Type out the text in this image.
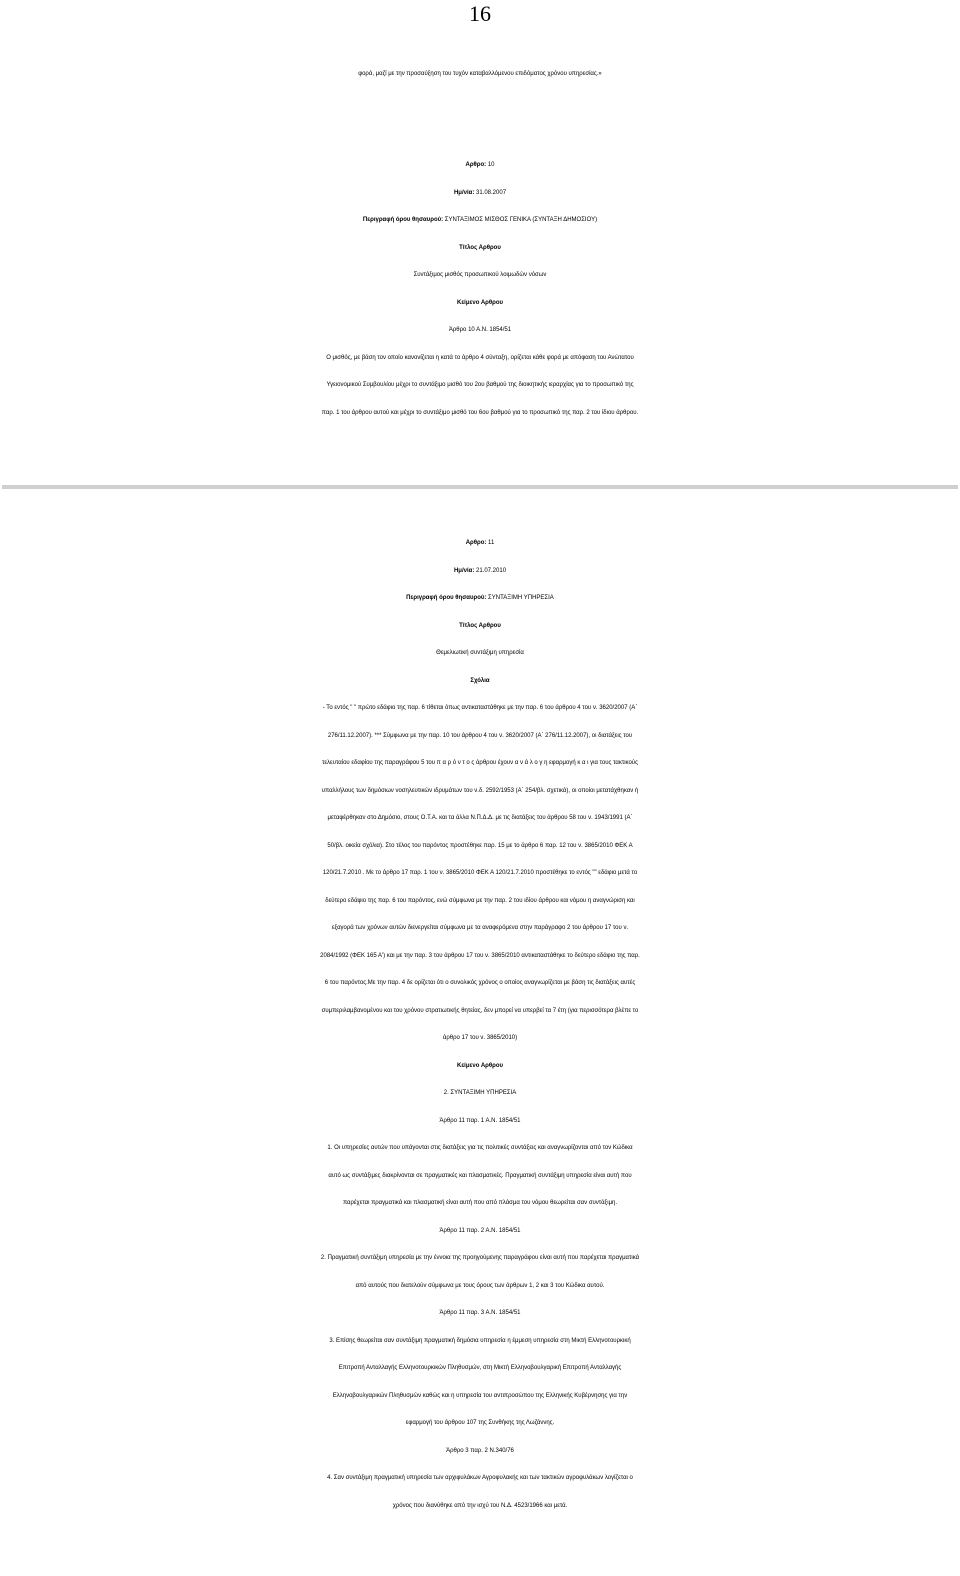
16
φορά, μαζί με την προσαύξηση του τυχόν καταβαλλόμενου επιδόματος χρόνου υπηρεσίας.»
Αρθρο: 10
Ημ/νία: 31.08.2007
Περιγραφή όρου θησαυρού: ΣΥΝΤΑΞΙΜΟΣ ΜΙΣΘΟΣ ΓΕΝΙΚΑ (ΣΥΝΤΑΞΗ ΔΗΜΟΣΙΟΥ)
Τίτλος Αρθρου
Συντάξιμος μισθός προσωπικού λοιμωδών νόσων
Κείμενο Αρθρου
Άρθρο 10 Α.Ν. 1854/51
Ο μισθός, με βάση τον οποίο κανονίζεται η κατά το άρθρο 4 σύνταξη, ορίζεται κάθε φορά με απόφαση του Ανώτατου
Υγειονομικού Συμβουλίου μέχρι το συντάξιμο μισθό του 2ου βαθμού της διοικητικής ιεραρχίας για το προσωπικό της
παρ. 1 του άρθρου αυτού και μέχρι το συντάξιμο μισθό του 6ου βαθμού για το προσωπικό της παρ. 2 του ίδιου άρθρου.
Αρθρο: 11
Ημ/νία: 21.07.2010
Περιγραφή όρου θησαυρού: ΣΥΝΤΑΞΙΜΗ ΥΠΗΡΕΣΙΑ
Τίτλος Αρθρου
Θεμελιωτική συντάξιμη υπηρεσία
Σχόλια
- Το εντός " " πρώτο εδάφιο της παρ. 6 τίθεται όπως αντικαταστάθηκε με την παρ. 6 του άρθρου 4 του ν. 3620/2007 (Α΄
276/11.12.2007). *** Σύμφωνα με την παρ. 10 του άρθρου 4 του ν. 3620/2007 (Α΄ 276/11.12.2007), οι διατάξεις του
τελευταίου εδαφίου της παραγράφου 5 του π α ρ ό ν τ ο ς άρθρου έχουν α ν ά λ ο γ η εφαρμογή κ α ι για τους τακτικούς
υπαλλήλους των δημόσιων νοσηλευτικών ιδρυμάτων του ν.δ. 2592/1953 (Α΄ 254/βλ. σχετικά), οι οποίοι μετατάχθηκαν ή
μεταφέρθηκαν στο Δημόσιο, στους Ο.Τ.Α. και τα άλλα Ν.Π.Δ.Δ. με τις διατάξεις του άρθρου 58 του ν. 1943/1991 (Α΄
50/βλ. οικεία σχόλια). Στο τέλος του παρόντος προστέθηκε παρ. 15 με το άρθρο 6 παρ. 12 του ν. 3865/2010 ΦΕΚ Α
120/21.7.2010 . Με το άρθρο 17 παρ. 1 του ν. 3865/2010 ΦΕΚ Α 120/21.7.2010 προστέθηκε το εντός "" εδάφιο μετά το
δεύτερο εδάφιο της παρ. 6 του παρόντος, ενώ σύμφωνα με την παρ. 2 του ιδίου άρθρου και νόμου η αναγνώριση και
εξαγορά των χρόνων αυτών διενεργείται σύμφωνα με τα αναφερόμενα στην παράγραφο 2 του άρθρου 17 του ν.
2084/1992 (ΦΕΚ 165 Α') και με την παρ. 3 του άρθρου 17 του ν. 3865/2010 αντικαταστάθηκε το δεύτερο εδάφιο της παρ.
6 του παρόντος.Με την παρ. 4 δε ορίζεται ότι ο συνολικός χρόνος ο οποίος αναγνωρίζεται με βάση τις διατάξεις αυτές
συμπεριλαμβανομένου και του χρόνου στρατιωτικής θητείας, δεν μπορεί να υπερβεί τα 7 έτη (για περισσότερα βλέπε το
άρθρο 17 του ν. 3865/2010)
Κείμενο Αρθρου
2. ΣΥΝΤΑΞΙΜΗ ΥΠΗΡΕΣΙΑ
Άρθρο 11 παρ. 1 Α.Ν. 1854/51
1. Οι υπηρεσίες αυτών που υπάγονται στις διατάξεις για τις πολιτικές συντάξεις και αναγνωρίζονται από τον Κώδικα
αυτό ως συντάξιμες διακρίνονται σε πραγματικές και πλασματικές. Πραγματική συντάξιμη υπηρεσία είναι αυτή που
παρέχεται πραγματικά και πλασματική είναι αυτή που από πλάσμα του νόμου θεωρείται σαν συντάξιμη.
Άρθρο 11 παρ. 2 Α.Ν. 1854/51
2. Πραγματική συντάξιμη υπηρεσία με την έννοια της προηγούμενης παραγράφου είναι αυτή που παρέχεται πραγματικά
από αυτούς που διατελούν σύμφωνα με τους όρους των άρθρων 1, 2 και 3 του Κώδικα αυτού.
Άρθρο 11 παρ. 3 Α.Ν. 1854/51
3. Επίσης θεωρείται σαν συντάξιμη πραγματική δημόσια υπηρεσία η έμμεση υπηρεσία στη Μικτή Ελληνοτουρκική
Επιτροπή Ανταλλαγής Ελληνοτουρκικών Πληθυσμών, στη Μικτή Ελληνοβουλγαρική Επιτροπή Ανταλλαγής
Ελληνοβουλγαρικών Πληθυσμών καθώς και η υπηρεσία του αντιπροσώπου της Ελληνικής Κυβέρνησης για την
εφαρμογή του άρθρου 107 της Συνθήκης της Λωζάννης.
Άρθρο 3 παρ. 2 Ν.340/76
4. Σαν συντάξιμη πραγματική υπηρεσία των αρχιφυλάκων Αγροφυλακής και των τακτικών αγροφυλάκων λογίζεται ο
χρόνος που διανύθηκε από την ισχύ του Ν.Δ. 4523/1966 και μετά.
